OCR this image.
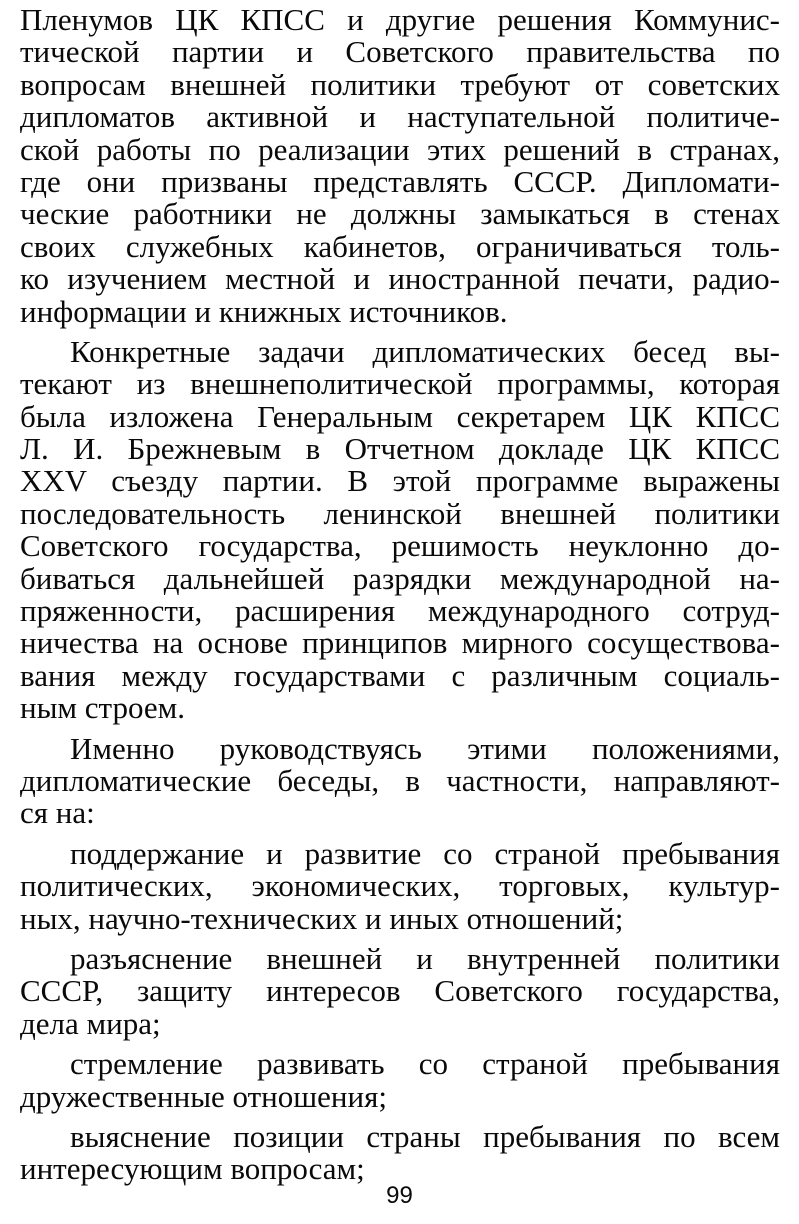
Пленумов ЦК КПСС и другие решения Коммунис-
тической партии и Советского правительства по
вопросам внешней политики требуют от советских
дипломатов активной и наступательной политиче-
ской работы по реализации этих решений в странах,
где они призваны представлять СССР. Дипломати-
ческие работники не должны замыкаться в стенах
своих служебных кабинетов, ограничиваться толь-
ко изучением местной и иностранной печати, радио-
информации и книжных источников.

Конкретные задачи дипломатических бесед вы-
текают из внешнеполитической программы, которая
была изложена Генеральным секретарем ЦК КПСС
Л. И. Брежневым в Отчетном докладе ЦК КПСС
XXV съезду партии. В этой программе выражены
последовательность ленинской внешней политики
Советского государства, решимость неуклонно до-
биваться дальнейшей разрядки международной на-
пряженности, расширения международного сотруд-
ничества на основе принципов мирного сосуществова-
вания между государствами с различным социаль-
ным строем.

Именно руководствуясь этими положениями,
дипломатические беседы, в частности, направляют-
ся на:

поддержание и развитие со страной пребывания
политических, экономических, торговых, культур-
ных, научно-технических и иных отношений;

разъяснение внешней и внутренней политики
СССР, защиту интересов Советского государства,
дела мира;

стремление развивать со страной пребывания
дружественные отношения;

выяснение позиции страны пребывания по всем
интересующим вопросам;

99
